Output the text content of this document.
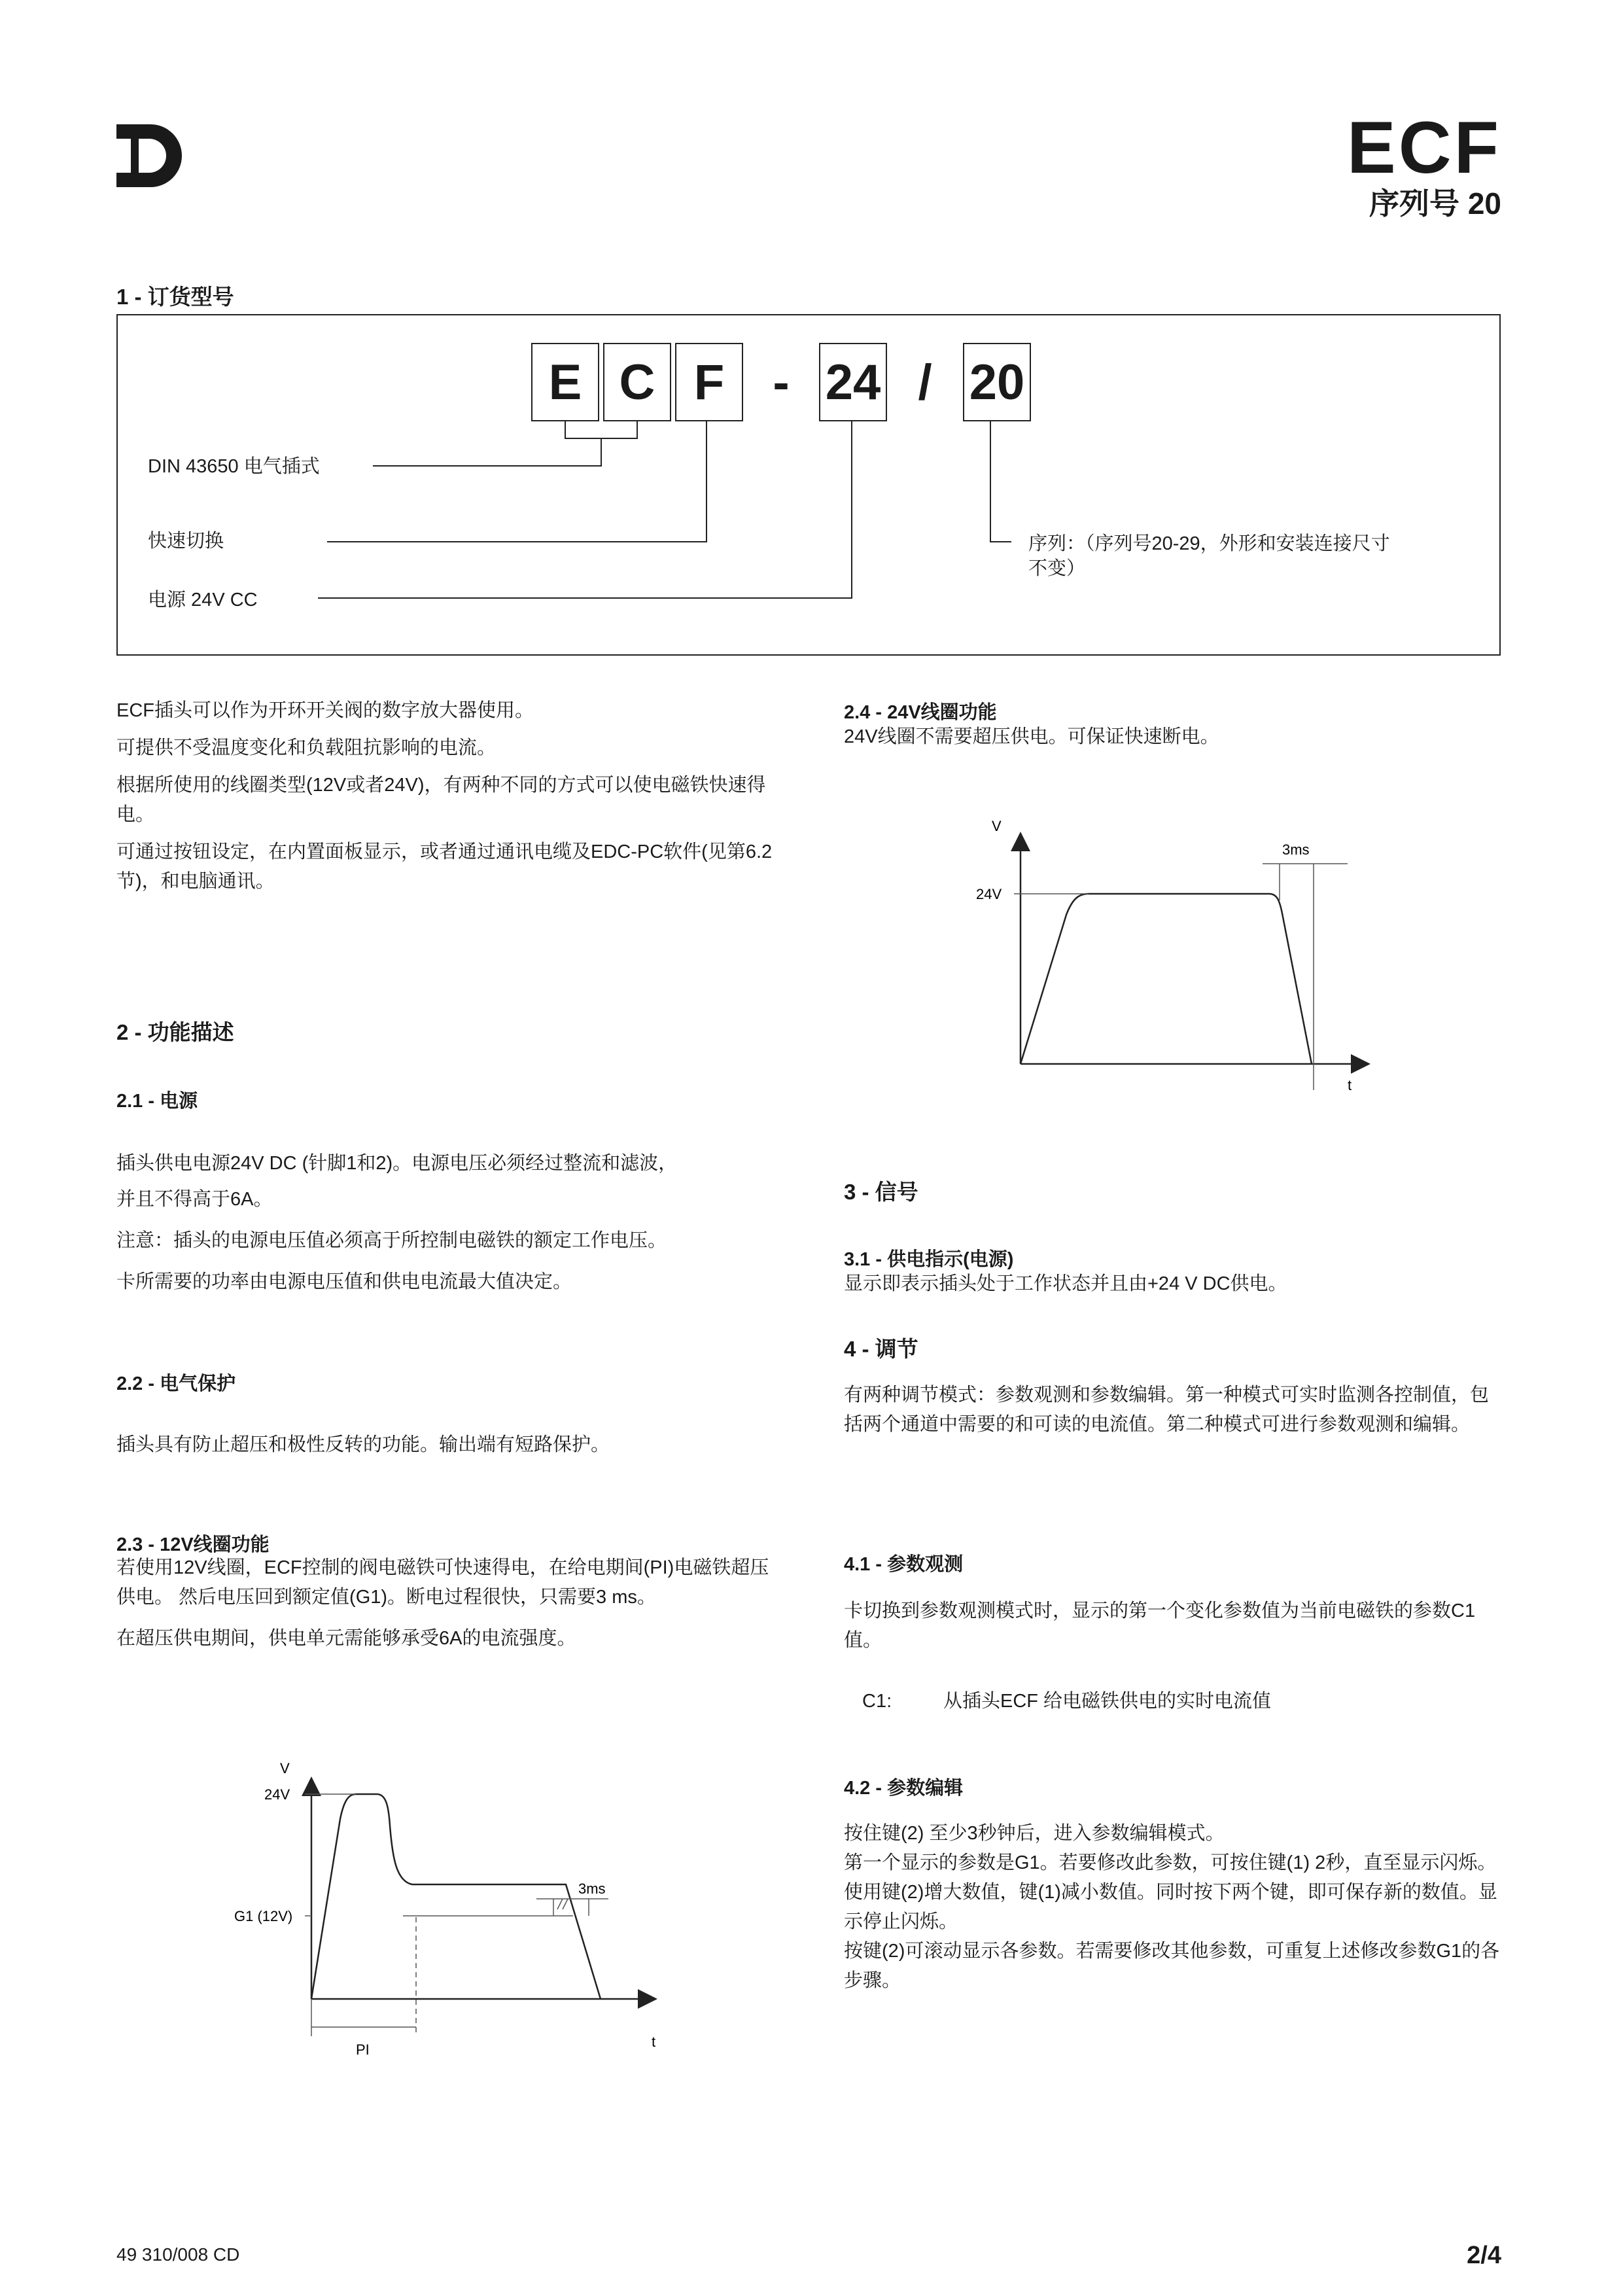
ECF
序列号 20
1 - 订货型号
E C F - 24 / 20
DIN 43650 电气插式
快速切换
电源 24V CC
序列：（序列号20-29，外形和安装连接尺寸不变）

ECF插头可以作为开环开关阀的数字放大器使用。

可提供不受温度变化和负载阻抗影响的电流。

根据所使用的线圈类型(12V或者24V)，有两种不同的方式可以使电磁铁快速得电。

可通过按钮设定，在内置面板显示，或者通过通讯电缆及EDC-PC软件(见第6.2节)，和电脑通讯。

2 - 功能描述
2.1 - 电源

插头供电电源24V DC (针脚1和2)。电源电压必须经过整流和滤波，

并且不得高于6A。

注意：插头的电源电压值必须高于所控制电磁铁的额定工作电压。

卡所需要的功率由电源电压值和供电电流最大值决定。

2.2 - 电气保护
插头具有防止超压和极性反转的功能。输出端有短路保护。
2.3 - 12V线圈功能

若使用12V线圈，ECF控制的阀电磁铁可快速得电，在给电期间(PI)电磁铁超压供电。 然后电压回到额定值(G1)。断电过程很快，只需要3 ms。

在超压供电期间，供电单元需能够承受6A的电流强度。

V
24V
G1 (12V)
3ms
t
PI
2.4 - 24V线圈功能
24V线圈不需要超压供电。可保证快速断电。
V
24V
3ms
t
3 - 信号
3.1 - 供电指示(电源)
显示即表示插头处于工作状态并且由+24 V DC供电。
4 - 调节
有两种调节模式：参数观测和参数编辑。第一种模式可实时监测各控制值，包括两个通道中需要的和可读的电流值。第二种模式可进行参数观测和编辑。
4.1 - 参数观测
卡切换到参数观测模式时，显示的第一个变化参数值为当前电磁铁的参数C1值。
C1:	从插头ECF 给电磁铁供电的实时电流值
4.2 - 参数编辑

按住键(2) 至少3秒钟后，进入参数编辑模式。

第一个显示的参数是G1。若要修改此参数，可按住键(1) 2秒，直至显示闪烁。使用键(2)增大数值，键(1)减小数值。同时按下两个键，即可保存新的数值。显示停止闪烁。

按键(2)可滚动显示各参数。若需要修改其他参数，可重复上述修改参数G1的各步骤。

49 310/008 CD	2/4
